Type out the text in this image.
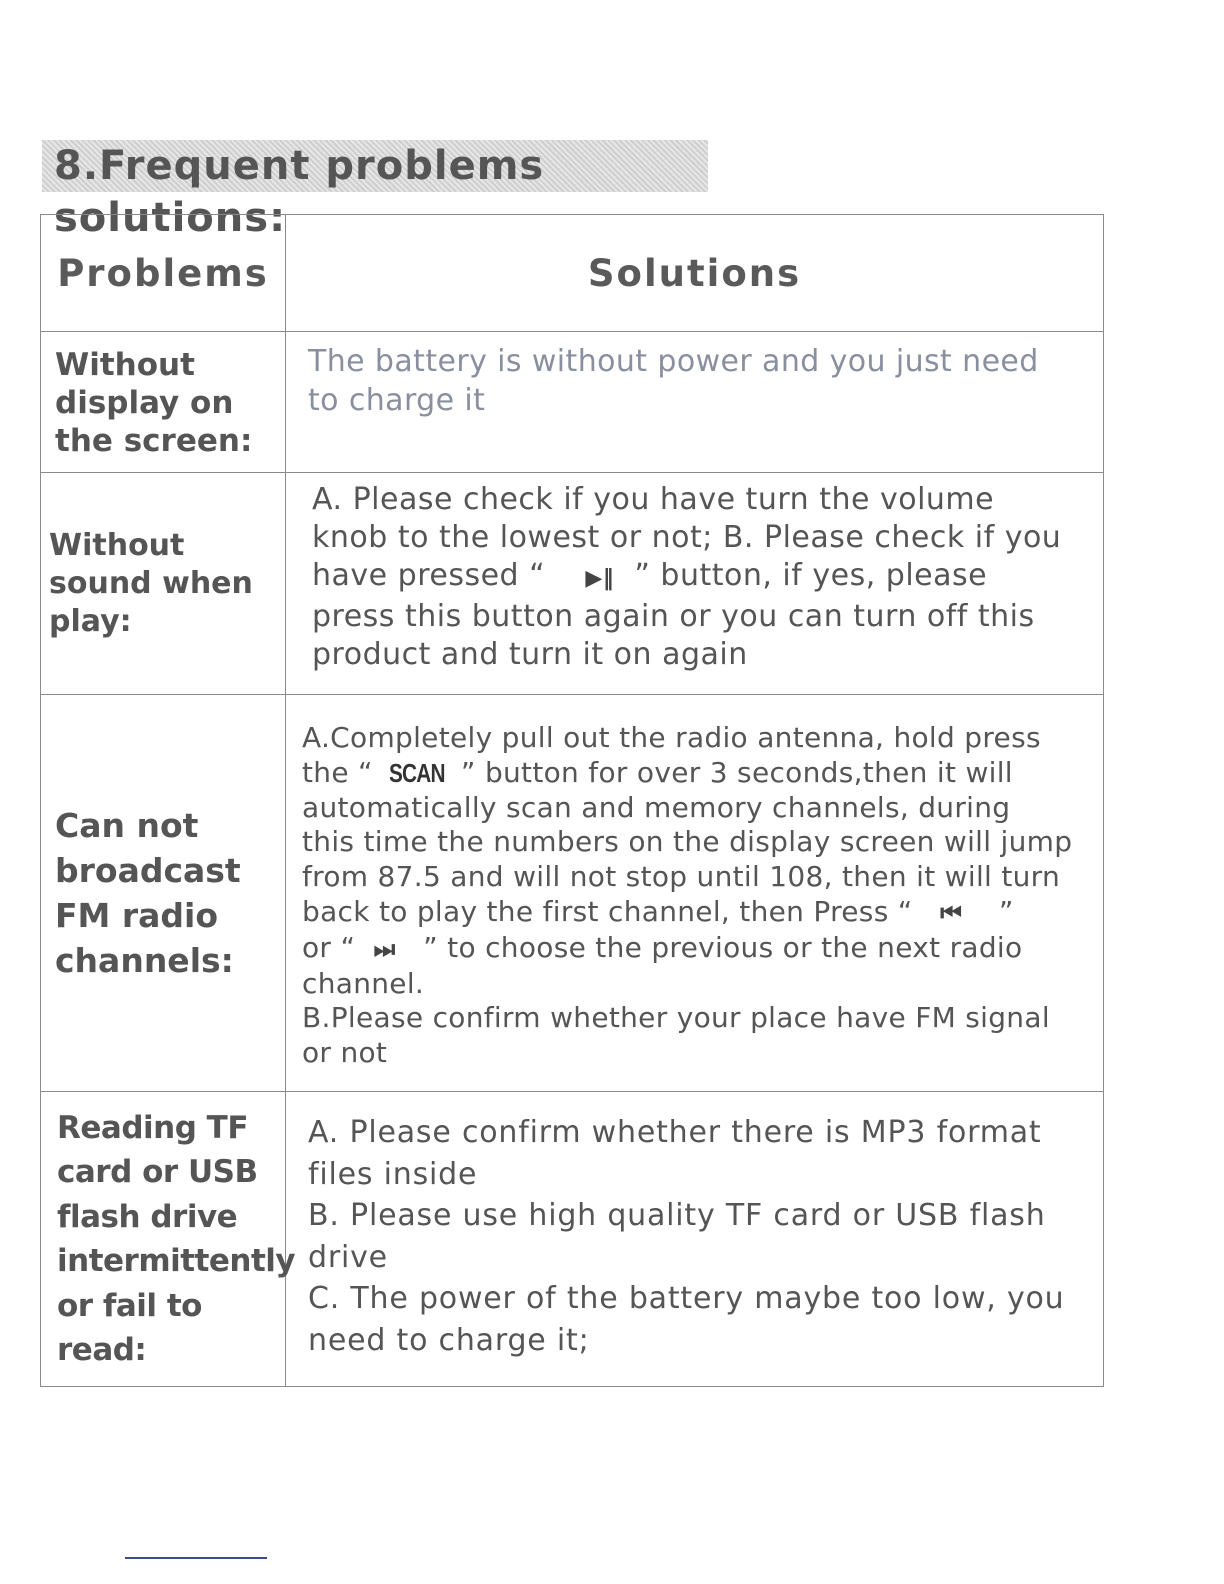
8.Frequent problems solutions:
Problems	Solutions
Without display on the screen:
The battery is without power and you just need
to charge it
Without sound when play:
A. Please check if you have turn the volume
knob to the lowest or not; B. Please check if you
have pressed “ ▶‖ ” button, if yes, please
press this button again or you can turn off this
product and turn it on again
Can not broadcast FM radio channels:
A.Completely pull out the radio antenna, hold press
the “ SCAN ” button for over 3 seconds,then it will
automatically scan and memory channels, during
this time the numbers on the display screen will jump
from 87.5 and will not stop until 108, then it will turn
back to play the first channel, then Press “ ⏮ ”
or “ ⏭ ” to choose the previous or the next radio
channel.
B.Please confirm whether your place have FM signal
or not
Reading TF card or USB flash drive intermittently or fail to read:
A. Please confirm whether there is MP3 format
files inside
B. Please use high quality TF card or USB flash
drive
C. The power of the battery maybe too low, you
need to charge it;
